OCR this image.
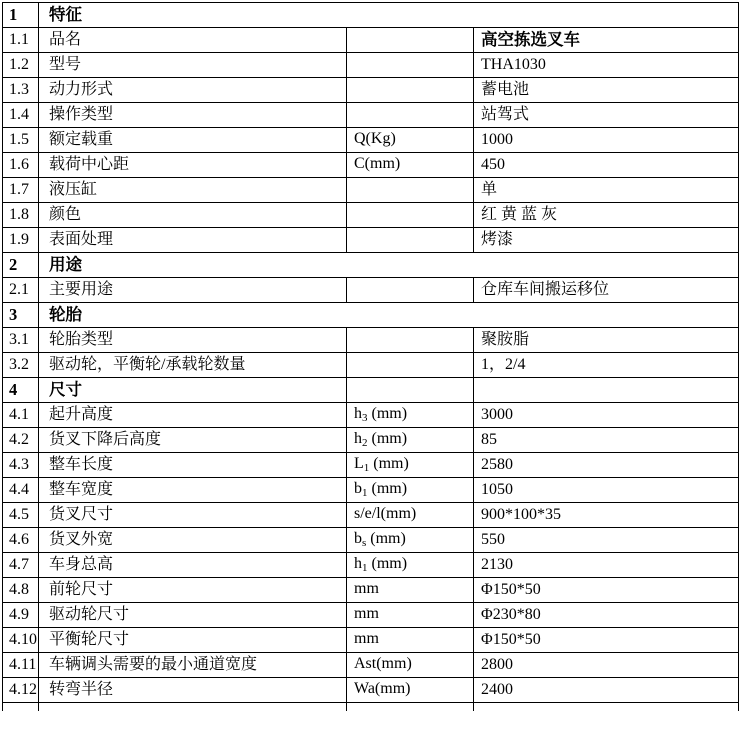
1	特征		
1.1	品名		高空拣选叉车
1.2	型号		THA1030
1.3	动力形式		蓄电池
1.4	操作类型		站驾式
1.5	额定载重	Q(Kg)	1000
1.6	载荷中心距	C(mm)	450
1.7	液压缸		单
1.8	颜色		红 黄 蓝 灰
1.9	表面处理		烤漆
2	用途		
2.1	主要用途		仓库车间搬运移位
3	轮胎		
3.1	轮胎类型		聚胺脂
3.2	驱动轮，平衡轮/承载轮数量		1，2/4
4	尺寸		
4.1	起升高度	$h_3$ (mm)	3000
4.2	货叉下降后高度	$h_2$ (mm)	85
4.3	整车长度	$L_1$ (mm)	2580
4.4	整车宽度	$b_1$ (mm)	1050
4.5	货叉尺寸	s/e/l(mm)	900*100*35
4.6	货叉外宽	$b_s$ (mm)	550
4.7	车身总高	$h_1$ (mm)	2130
4.8	前轮尺寸	mm	Φ150*50
4.9	驱动轮尺寸	mm	Φ230*80
4.10	平衡轮尺寸	mm	Φ150*50
4.11	车辆调头需要的最小通道宽度	Ast(mm)	2800
4.12	转弯半径	Wa(mm)	2400
